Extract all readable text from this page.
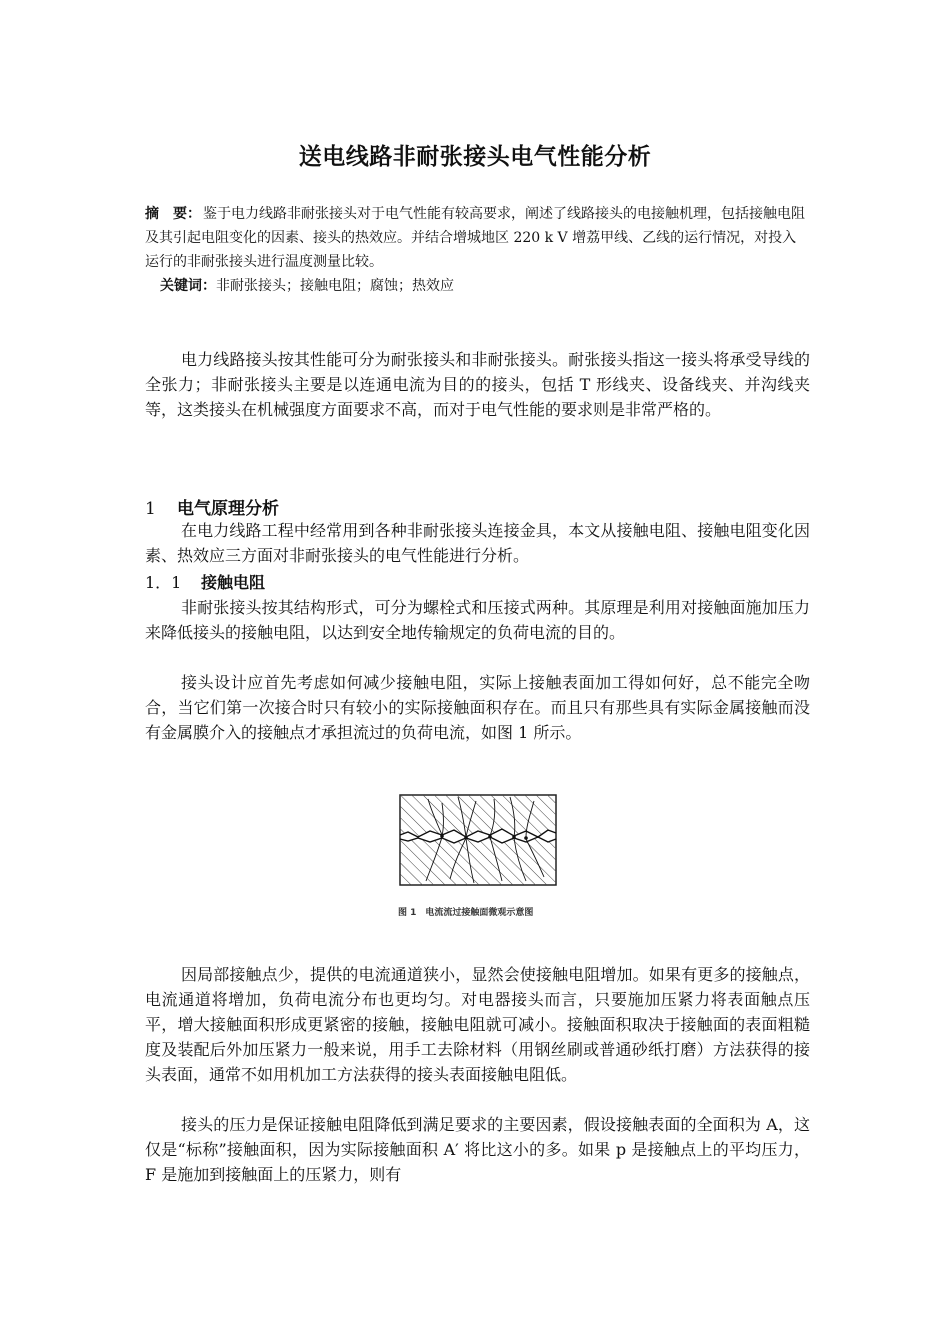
送电线路非耐张接头电气性能分析
摘　要： 鉴于电力线路非耐张接头对于电气性能有较高要求，阐述了线路接头的电接触机理，包括接触电阻及其引起电阻变化的因素、接头的热效应。并结合增城地区 220 k V 增荔甲线、乙线的运行情况，对投入运行的非耐张接头进行温度测量比较。
关键词：非耐张接头；接触电阻；腐蚀；热效应
电力线路接头按其性能可分为耐张接头和非耐张接头。耐张接头指这一接头将承受导线的全张力；非耐张接头主要是以连通电流为目的的接头，包括 T 形线夹、设备线夹、并沟线夹等，这类接头在机械强度方面要求不高，而对于电气性能的要求则是非常严格的。
1 电气原理分析
在电力线路工程中经常用到各种非耐张接头连接金具，本文从接触电阻、接触电阻变化因素、热效应三方面对非耐张接头的电气性能进行分析。
1．1 接触电阻
非耐张接头按其结构形式，可分为螺栓式和压接式两种。其原理是利用对接触面施加压力来降低接头的接触电阻，以达到安全地传输规定的负荷电流的目的。
接头设计应首先考虑如何减少接触电阻，实际上接触表面加工得如何好，总不能完全吻合，当它们第一次接合时只有较小的实际接触面积存在。而且只有那些具有实际金属接触而没有金属膜介入的接触点才承担流过的负荷电流，如图 1 所示。
图 1　电流流过接触面微观示意图
因局部接触点少，提供的电流通道狭小，显然会使接触电阻增加。如果有更多的接触点，电流通道将增加，负荷电流分布也更均匀。对电器接头而言，只要施加压紧力将表面触点压平，增大接触面积形成更紧密的接触，接触电阻就可减小。接触面积取决于接触面的表面粗糙度及装配后外加压紧力一般来说，用手工去除材料（用钢丝刷或普通砂纸打磨）方法获得的接头表面，通常不如用机加工方法获得的接头表面接触电阻低。
接头的压力是保证接触电阻降低到满足要求的主要因素，假设接触表面的全面积为 A，这仅是“标称”接触面积，因为实际接触面积 A′ 将比这小的多。如果 p 是接触点上的平均压力，F 是施加到接触面上的压紧力，则有
